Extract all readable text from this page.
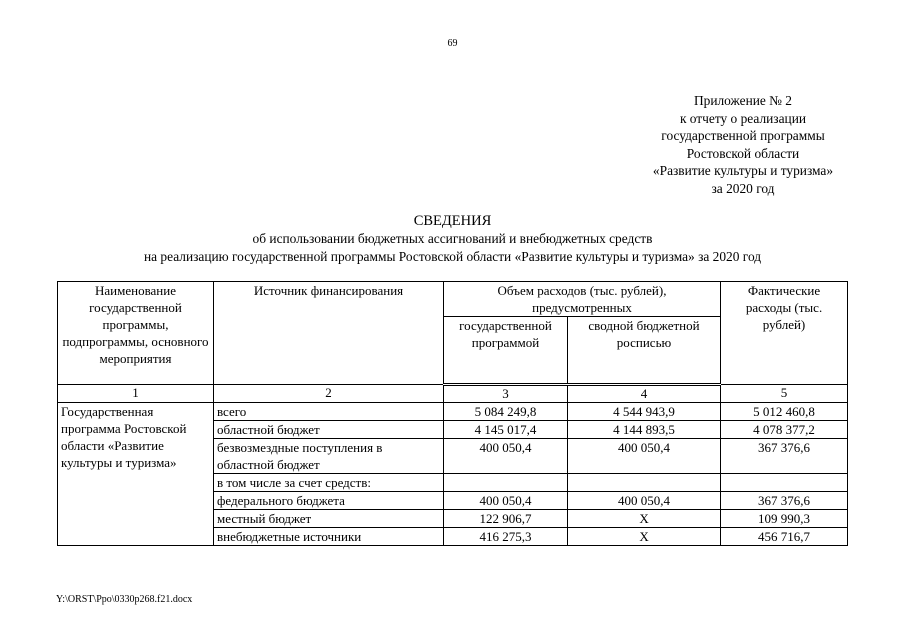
69
Приложение № 2
к отчету о реализации
государственной программы
Ростовской области
«Развитие культуры и туризма»
за 2020 год
СВЕДЕНИЯ
об использовании бюджетных ассигнований и внебюджетных средств
на реализацию государственной программы Ростовской области «Развитие культуры и туризма» за 2020 год
Наименование государственной программы, подпрограммы, основного мероприятия	Источник финансирования	Объем расходов (тыс. рублей), предусмотренных		Фактические расходы (тыс. рублей)
		государственной программой	сводной бюджетной росписью	
1	2	3	4	5
Государственная программа Ростовской области «Развитие культуры и туризма»	всего	5 084 249,8	4 544 943,9	5 012 460,8
	областной бюджет	4 145 017,4	4 144 893,5	4 078 377,2
	безвозмездные поступления в областной бюджет	400 050,4	400 050,4	367 376,6
	в том числе за счет средств:			
	федерального бюджета	400 050,4	400 050,4	367 376,6
	местный бюджет	122 906,7	Х	109 990,3
	внебюджетные источники	416 275,3	Х	456 716,7
Y:\ORST\Ppo\0330p268.f21.docx
